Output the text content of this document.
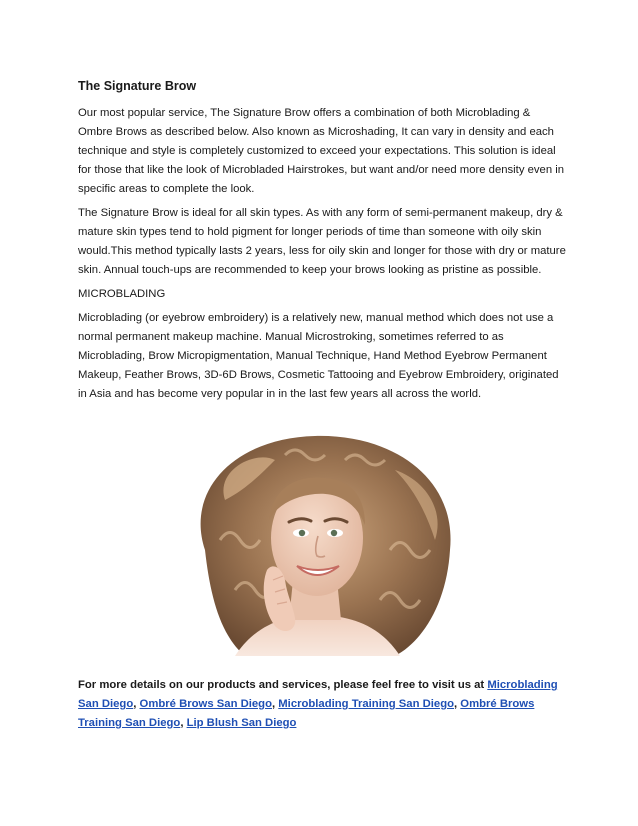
The Signature Brow

Our most popular service, The Signature Brow offers a combination of both Microblading & Ombre Brows as described below. Also known as Microshading, It can vary in density and each technique and style is completely customized to exceed your expectations. This solution is ideal for those that like the look of Microbladed Hairstrokes, but want and/or need more density even in specific areas to complete the look.

The Signature Brow is ideal for all skin types. As with any form of semi-permanent makeup, dry & mature skin types tend to hold pigment for longer periods of time than someone with oily skin would.This method typically lasts 2 years, less for oily skin and longer for those with dry or mature skin. Annual touch-ups are recommended to keep your brows looking as pristine as possible.

MICROBLADING

Microblading (or eyebrow embroidery) is a relatively new, manual method which does not use a normal permanent makeup machine. Manual Microstroking, sometimes referred to as Microblading, Brow Micropigmentation, Manual Technique, Hand Method Eyebrow Permanent Makeup, Feather Brows, 3D-6D Brows, Cosmetic Tattooing and Eyebrow Embroidery, originated in Asia and has become very popular in in the last few years all across the world.

For more details on our products and services, please feel free to visit us at Microblading San Diego, Ombré Brows San Diego, Microblading Training San Diego, Ombré Brows Training San Diego, Lip Blush San Diego
